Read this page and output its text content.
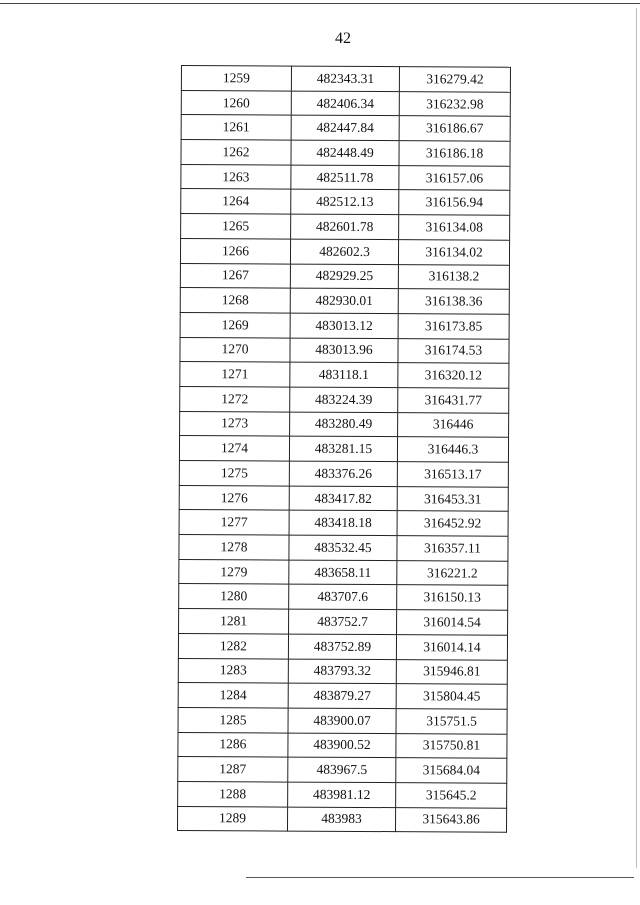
42
1259	482343.31	316279.42
1260	482406.34	316232.98
1261	482447.84	316186.67
1262	482448.49	316186.18
1263	482511.78	316157.06
1264	482512.13	316156.94
1265	482601.78	316134.08
1266	482602.3	316134.02
1267	482929.25	316138.2
1268	482930.01	316138.36
1269	483013.12	316173.85
1270	483013.96	316174.53
1271	483118.1	316320.12
1272	483224.39	316431.77
1273	483280.49	316446
1274	483281.15	316446.3
1275	483376.26	316513.17
1276	483417.82	316453.31
1277	483418.18	316452.92
1278	483532.45	316357.11
1279	483658.11	316221.2
1280	483707.6	316150.13
1281	483752.7	316014.54
1282	483752.89	316014.14
1283	483793.32	315946.81
1284	483879.27	315804.45
1285	483900.07	315751.5
1286	483900.52	315750.81
1287	483967.5	315684.04
1288	483981.12	315645.2
1289	483983	315643.86
